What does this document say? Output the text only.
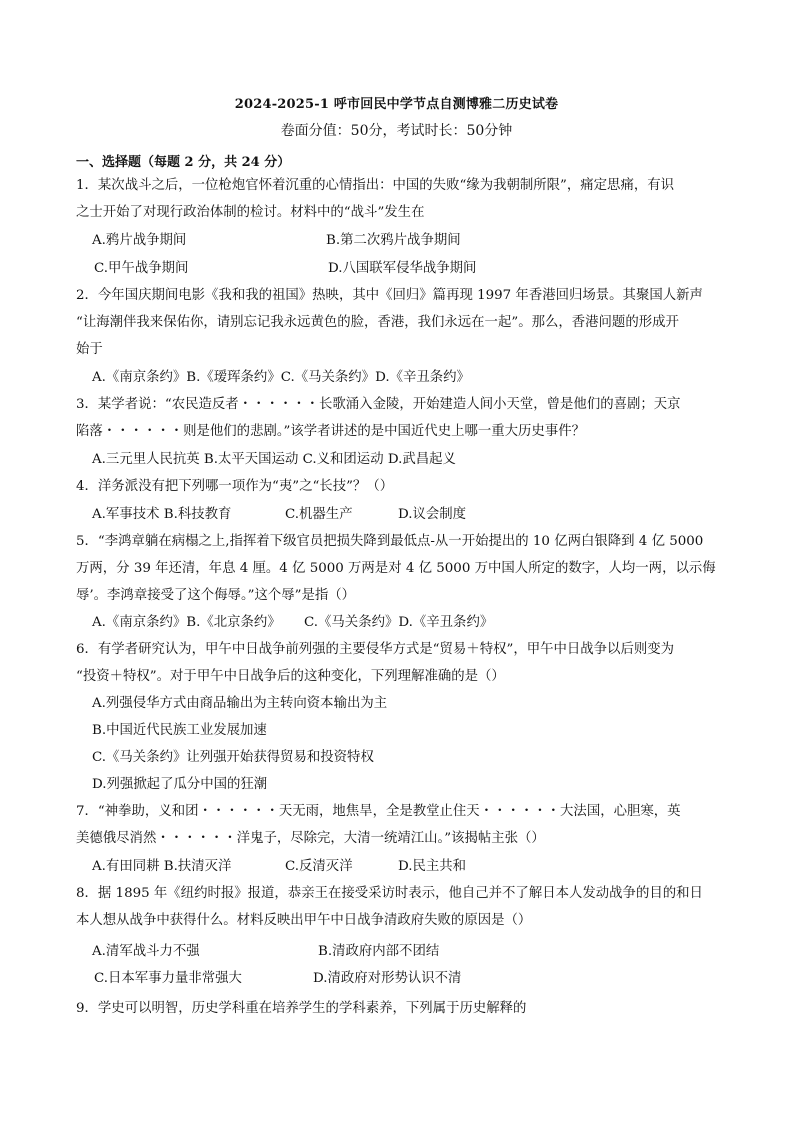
2024-2025-1 呼市回民中学节点自测博雅二历史试卷
卷面分值：50分，考试时长：50分钟
一、选择题（每题 2 分，共 24 分）
1．某次战斗之后，一位枪炮官怀着沉重的心情指出：中国的失败“缘为我朝制所限”，痛定思痛，有识
之士开始了对现行政治体制的检讨。材料中的“战斗”发生在
A.鸦片战争期间	B.第二次鸦片战争期间
C.甲午战争期间	D.八国联军侵华战争期间
2．今年国庆期间电影《我和我的祖国》热映，其中《回归》篇再现 1997 年香港回归场景。其聚国人新声
“让海潮伴我来保佑你，请别忘记我永远黄色的脸，香港，我们永远在一起”。那么，香港问题的形成开
始于
A.《南京条约》B.《瑷珲条约》C.《马关条约》D.《辛丑条约》
3．某学者说：“农民造反者・・・・・・长歌涌入金陵，开始建造人间小天堂，曾是他们的喜剧；天京
陷落・・・・・・则是他们的悲剧。”该学者讲述的是中国近代史上哪一重大历史事件？
A.三元里人民抗英 B.太平天国运动 C.义和团运动 D.武昌起义
4．洋务派没有把下列哪一项作为“夷”之“长技”？（）
A.军事技术 B.科技教育	C.机器生产	D.议会制度
5．“李鸿章躺在病榻之上,指挥着下级官员把损失降到最低点-从一开始提出的 10 亿两白银降到 4 亿 5000
万两，分 39 年还清，年息 4 厘。4 亿 5000 万两是对 4 亿 5000 万中国人所定的数字，人均一两，以示侮
辱’。李鸿章接受了这个侮辱。”这个辱”是指（）
A.《南京条约》B.《北京条约》 C.《马关条约》D.《辛丑条约》
6．有学者研究认为，甲午中日战争前列强的主要侵华方式是“贸易＋特权”，甲午中日战争以后则变为
“投资＋特权”。对于甲午中日战争后的这种变化，下列理解准确的是（）
A.列强侵华方式由商品输出为主转向资本输出为主
B.中国近代民族工业发展加速
C.《马关条约》让列强开始获得贸易和投资特权
D.列强掀起了瓜分中国的狂潮
7．“神拳助，义和团・・・・・・天无雨，地焦旱，全是教堂止住天・・・・・・大法国，心胆寒，英
美德俄尽消然・・・・・・洋鬼子，尽除完，大清一统靖江山。”该揭帖主张（）
A.有田同耕 B.扶清灭洋	C.反清灭洋	D.民主共和
8．据 1895 年《纽约时报》报道，恭亲王在接受采访时表示，他自己并不了解日本人发动战争的目的和日
本人想从战争中获得什么。材料反映出甲午中日战争清政府失败的原因是（）
A.清军战斗力不强	B.清政府内部不团结
C.日本军事力量非常强大	D.清政府对形势认识不清
9．学史可以明智，历史学科重在培养学生的学科素养，下列属于历史解释的
